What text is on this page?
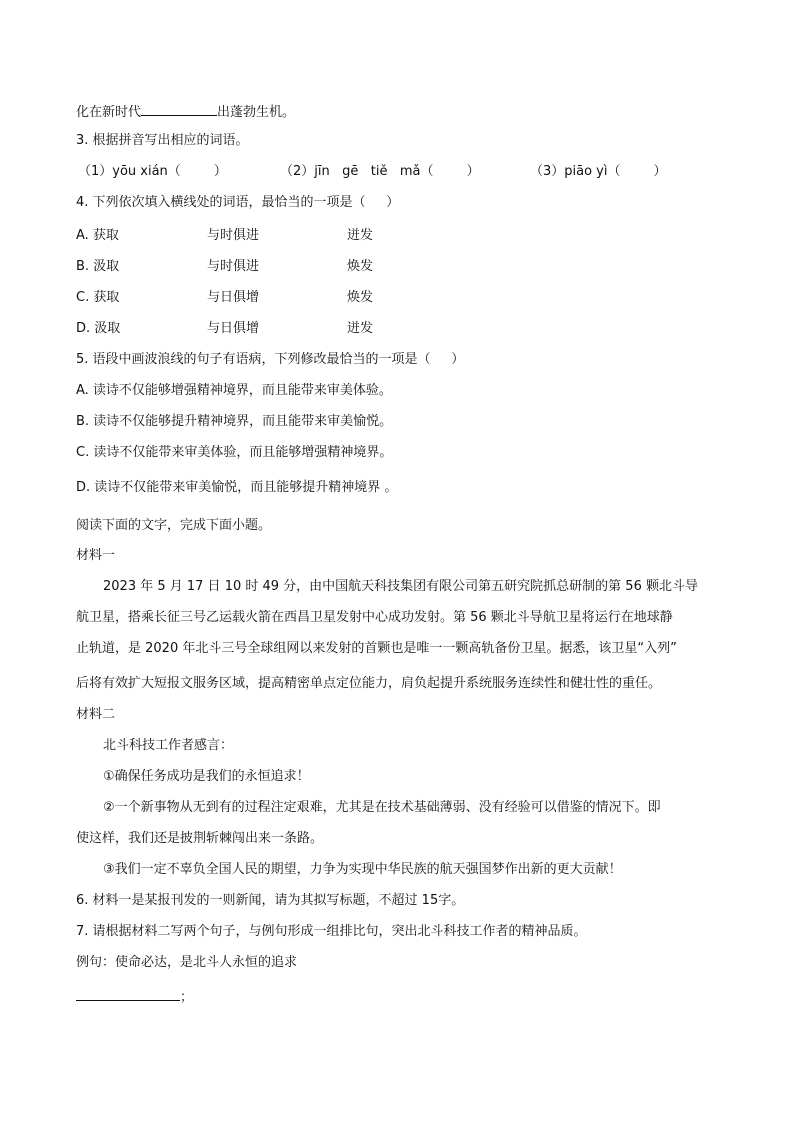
化在新时代	出蓬勃生机。
3. 根据拼音写出相应的词语。
（1）yōu xián（        ）	（2）jīn   gē   tiě   mǎ（        ）	（3）piāo yì（        ）
4. 下列依次填入横线处的词语，最恰当的一项是（     ）
A. 获取	与时俱进	迸发
B. 汲取	与时俱进	焕发
C. 获取	与日俱增	焕发
D. 汲取	与日俱增	迸发
5. 语段中画波浪线的句子有语病，下列修改最恰当的一项是（     ）
A. 读诗不仅能够增强精神境界，而且能带来审美体验。
B. 读诗不仅能够提升精神境界，而且能带来审美愉悦。
C. 读诗不仅能带来审美体验，而且能够增强精神境界。
D. 读诗不仅能带来审美愉悦，而且能够提升精神境界 。
阅读下面的文字，完成下面小题。
材料一
2023 年 5 月 17 日 10 时 49 分，由中国航天科技集团有限公司第五研究院抓总研制的第 56 颗北斗导
航卫星，搭乘长征三号乙运载火箭在西昌卫星发射中心成功发射。第 56 颗北斗导航卫星将运行在地球静
止轨道，是 2020 年北斗三号全球组网以来发射的首颗也是唯一一颗高轨备份卫星。据悉，该卫星“入列”
后将有效扩大短报文服务区域，提高精密单点定位能力，肩负起提升系统服务连续性和健壮性的重任。
材料二
北斗科技工作者感言：
①确保任务成功是我们的永恒追求！
②一个新事物从无到有的过程注定艰难，尤其是在技术基础薄弱、没有经验可以借鉴的情况下。即
使这样，我们还是披荆斩棘闯出来一条路。
③我们一定不辜负全国人民的期望，力争为实现中华民族的航天强国梦作出新的更大贡献！
6. 材料一是某报刊发的一则新闻，请为其拟写标题，不超过 15字。
7. 请根据材料二写两个句子，与例句形成一组排比句，突出北斗科技工作者的精神品质。
例句：使命必达，是北斗人永恒的追求
；
